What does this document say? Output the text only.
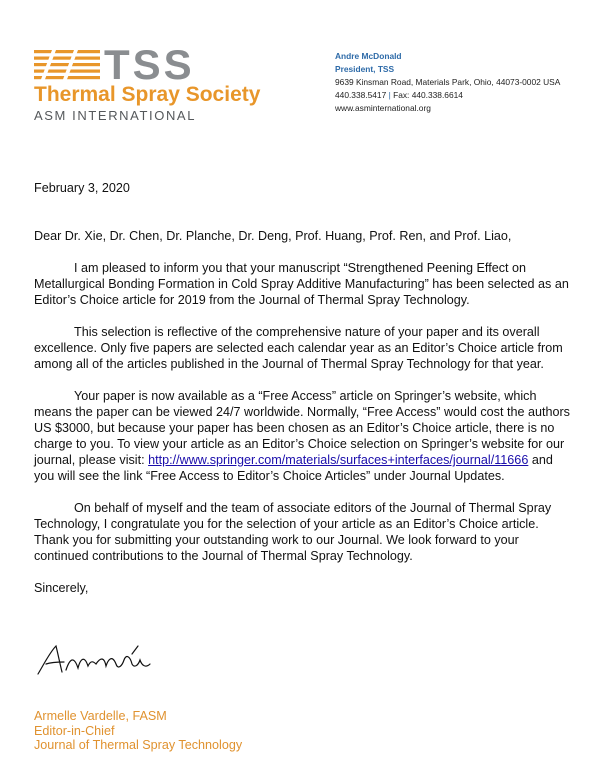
TSS
Thermal Spray Society
ASM INTERNATIONAL
Andre McDonald
President, TSS
9639 Kinsman Road, Materials Park, Ohio, 44073-0002 USA
440.338.5417 | Fax: 440.338.6614
www.asminternational.org

February 3, 2020

Dear Dr. Xie, Dr. Chen, Dr. Planche, Dr. Deng, Prof. Huang, Prof. Ren, and Prof. Liao,

I am pleased to inform you that your manuscript “Strengthened Peening Effect on Metallurgical Bonding Formation in Cold Spray Additive Manufacturing” has been selected as an Editor’s Choice article for 2019 from the Journal of Thermal Spray Technology.

This selection is reflective of the comprehensive nature of your paper and its overall excellence. Only five papers are selected each calendar year as an Editor’s Choice article from among all of the articles published in the Journal of Thermal Spray Technology for that year.

Your paper is now available as a “Free Access” article on Springer’s website, which means the paper can be viewed 24/7 worldwide. Normally, “Free Access” would cost the authors US $3000, but because your paper has been chosen as an Editor’s Choice article, there is no charge to you. To view your article as an Editor’s Choice selection on Springer’s website for our journal, please visit: http://www.springer.com/materials/surfaces+interfaces/journal/11666 and you will see the link “Free Access to Editor’s Choice Articles” under Journal Updates.

On behalf of myself and the team of associate editors of the Journal of Thermal Spray Technology, I congratulate you for the selection of your article as an Editor’s Choice article. Thank you for submitting your outstanding work to our Journal. We look forward to your continued contributions to the Journal of Thermal Spray Technology.

Sincerely,

Armelle Vardelle, FASM
Editor-in-Chief
Journal of Thermal Spray Technology
